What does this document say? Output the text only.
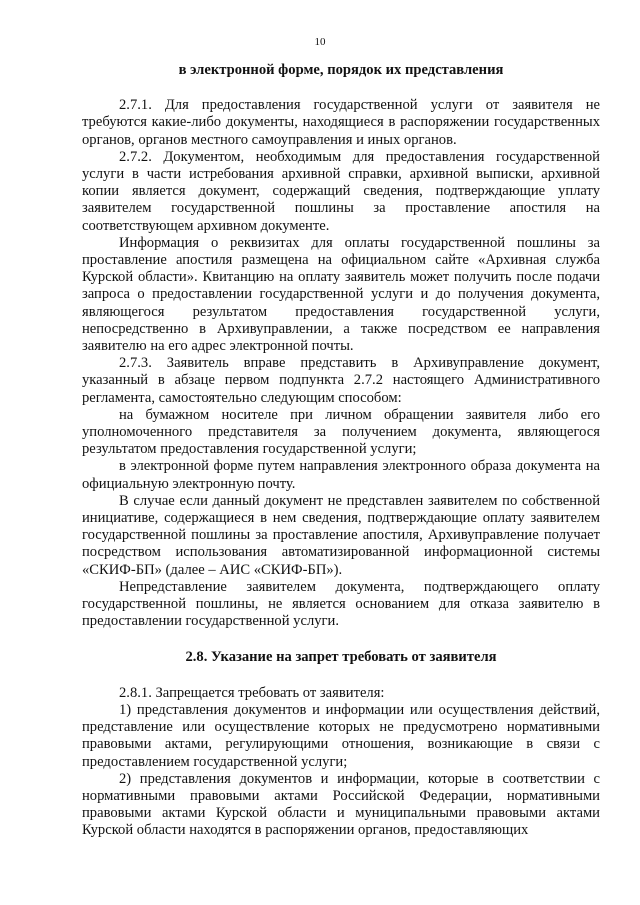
10
в электронной форме, порядок их представления

2.7.1. Для предоставления государственной услуги от заявителя не требуются какие-либо документы, находящиеся в распоряжении государственных органов, органов местного самоуправления и иных органов.

2.7.2. Документом, необходимым для предоставления государственной услуги в части истребования архивной справки, архивной выписки, архивной копии является документ, содержащий сведения, подтверждающие уплату заявителем государственной пошлины за проставление апостиля на соответствующем архивном документе.

Информация о реквизитах для оплаты государственной пошлины за проставление апостиля размещена на официальном сайте «Архивная служба Курской области». Квитанцию на оплату заявитель может получить после подачи запроса о предоставлении государственной услуги и до получения документа, являющегося результатом предоставления государственной услуги, непосредственно в Архивуправлении, а также посредством ее направления заявителю на его адрес электронной почты.

2.7.3. Заявитель вправе представить в Архивуправление документ, указанный в абзаце первом подпункта 2.7.2 настоящего Административного регламента, самостоятельно следующим способом:

на бумажном носителе при личном обращении заявителя либо его уполномоченного представителя за получением документа, являющегося результатом предоставления государственной услуги;

в электронной форме путем направления электронного образа документа на официальную электронную почту.

В случае если данный документ не представлен заявителем по собственной инициативе, содержащиеся в нем сведения, подтверждающие оплату заявителем государственной пошлины за проставление апостиля, Архивуправление получает посредством использования автоматизированной информационной системы «СКИФ-БП» (далее – АИС «СКИФ-БП»).

Непредставление заявителем документа, подтверждающего оплату государственной пошлины, не является основанием для отказа заявителю в предоставлении государственной услуги.

2.8. Указание на запрет требовать от заявителя

2.8.1. Запрещается требовать от заявителя:

1) представления документов и информации или осуществления действий, представление или осуществление которых не предусмотрено нормативными правовыми актами, регулирующими отношения, возникающие в связи с предоставлением государственной услуги;

2) представления документов и информации, которые в соответствии с нормативными правовыми актами Российской Федерации, нормативными правовыми актами Курской области и муниципальными правовыми актами Курской области находятся в распоряжении органов, предоставляющих
